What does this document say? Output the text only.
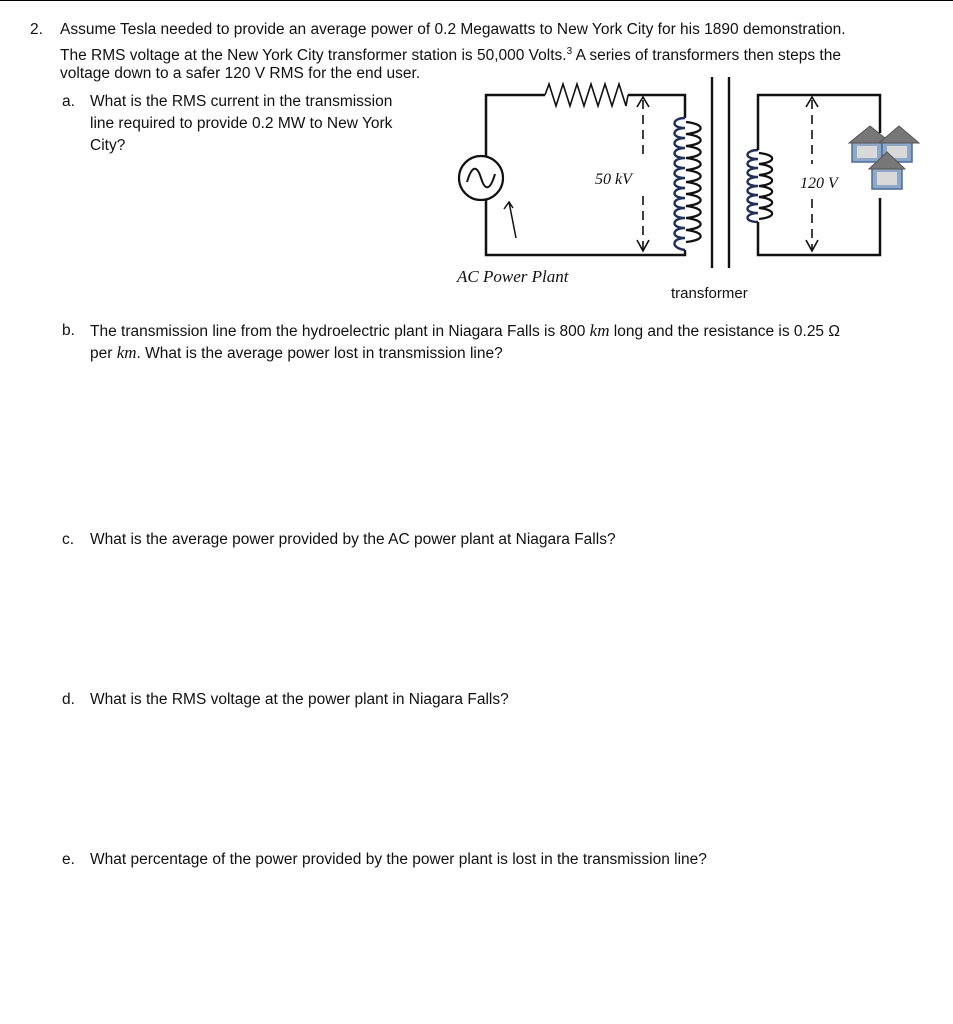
2. Assume Tesla needed to provide an average power of 0.2 Megawatts to New York City for his 1890 demonstration.
The RMS voltage at the New York City transformer station is 50,000 Volts.$^3$ A series of transformers then steps the
voltage down to a safer 120 V RMS for the end user.
a. What is the RMS current in the transmission
line required to provide 0.2 MW to New York
City?
50 kV	120 V
AC Power Plant
transformer
b. The transmission line from the hydroelectric plant in Niagara Falls is 800 km long and the resistance is 0.25 Ω
per km. What is the average power lost in transmission line?
c. What is the average power provided by the AC power plant at Niagara Falls?
d. What is the RMS voltage at the power plant in Niagara Falls?
e. What percentage of the power provided by the power plant is lost in the transmission line?
